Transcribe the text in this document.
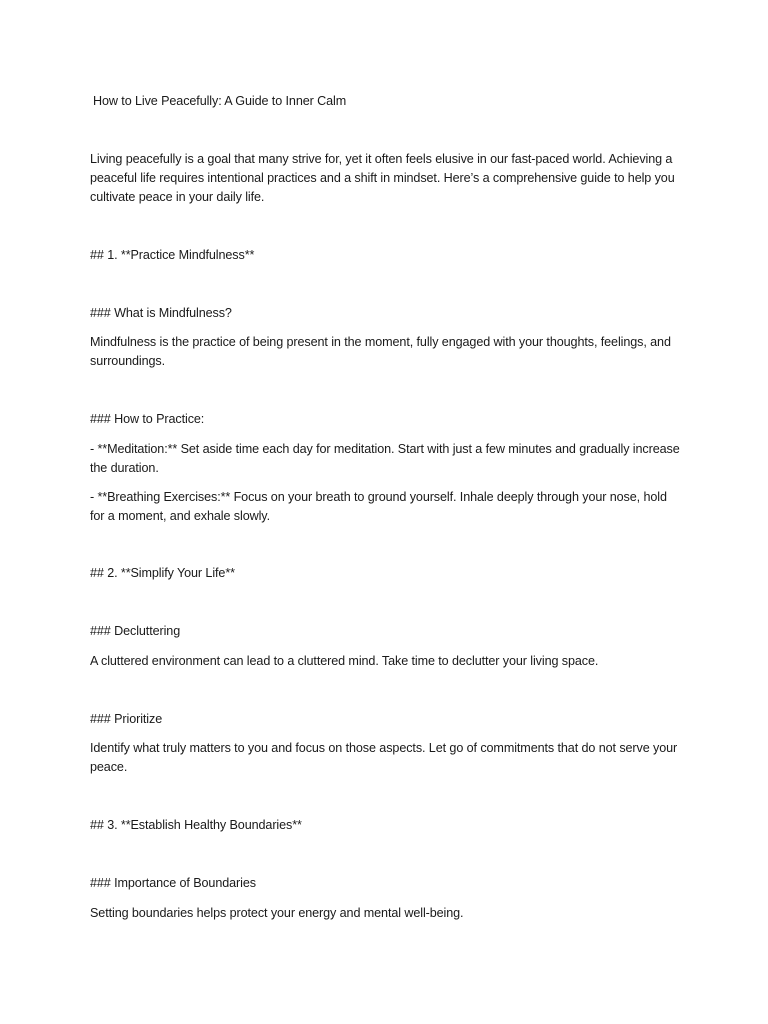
How to Live Peacefully: A Guide to Inner Calm

Living peacefully is a goal that many strive for, yet it often feels elusive in our fast-paced world. Achieving a peaceful life requires intentional practices and a shift in mindset. Here’s a comprehensive guide to help you cultivate peace in your daily life.

## 1. **Practice Mindfulness**

### What is Mindfulness?

Mindfulness is the practice of being present in the moment, fully engaged with your thoughts, feelings, and surroundings.

### How to Practice:

- **Meditation:** Set aside time each day for meditation. Start with just a few minutes and gradually increase the duration.

- **Breathing Exercises:** Focus on your breath to ground yourself. Inhale deeply through your nose, hold for a moment, and exhale slowly.

## 2. **Simplify Your Life**

### Decluttering

A cluttered environment can lead to a cluttered mind. Take time to declutter your living space.

### Prioritize

Identify what truly matters to you and focus on those aspects. Let go of commitments that do not serve your peace.

## 3. **Establish Healthy Boundaries**

### Importance of Boundaries

Setting boundaries helps protect your energy and mental well-being.
